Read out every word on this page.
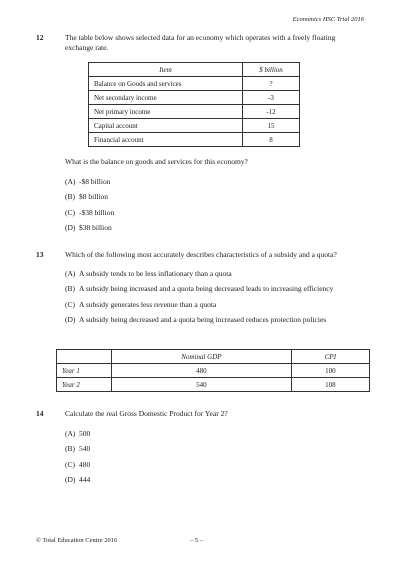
Economics HSC Trial 2016
12	The table below shows selected data for an economy which operates with a freely floating exchange rate.
Item	$ billion
Balance on Goods and services	?
Net secondary income	-3
Net primary income	-12
Capital account	15
Financial account	8
What is the balance on goods and services for this economy?
(A) -$8 billion
(B) $8 billion
(C) -$38 billion
(D) $38 billion
13	Which of the following most accurately describes characteristics of a subsidy and a quota?
(A) A subsidy tends to be less inflationary than a quota
(B) A subsidy being increased and a quota being decreased leads to increasing efficiency
(C) A subsidy generates less revenue than a quota
(D) A subsidy being decreased and a quota being increased reduces protection policies
	Nominal GDP	CPI
Year 1	480	100
Year 2	540	108
14	Calculate the real Gross Domestic Product for Year 2?
(A) 500
(B) 540
(C) 480
(D) 444
© Total Education Centre 2016	– 5 –
